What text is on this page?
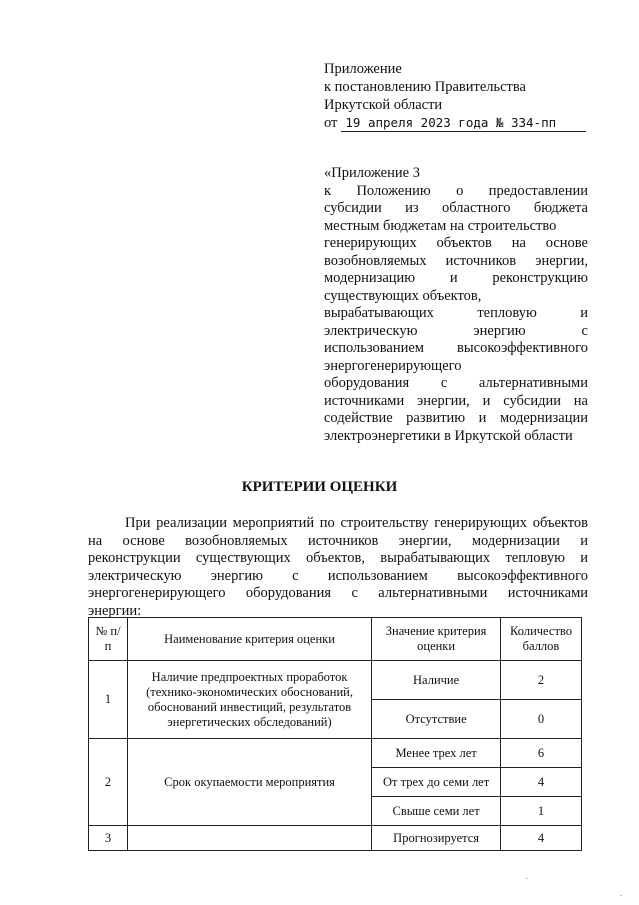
Приложение
к постановлению Правительства
Иркутской области
от 19 апреля 2023 года № 334-пп
«Приложение 3
к Положению о предоставлении
субсидии из областного бюджета
местным бюджетам на строительство
генерирующих объектов на основе
возобновляемых источников энергии,
модернизацию и реконструкцию
существующих объектов,
вырабатывающих тепловую и
электрическую энергию с
использованием высокоэффективного
энергогенерирующего
оборудования с альтернативными
источниками энергии, и субсидии на
содействие развитию и модернизации
электроэнергетики в Иркутской области
КРИТЕРИИ ОЦЕНКИ
При реализации мероприятий по строительству генерирующих объектов
на основе возобновляемых источников энергии, модернизации и
реконструкции существующих объектов, вырабатывающих тепловую и
электрическую энергию с использованием высокоэффективного
энергогенерирующего оборудования с альтернативными источниками
энергии:
№ п/п	Наименование критерия оценки	Значение критерия оценки	Количество баллов
1	Наличие предпроектных проработок (технико-экономических обоснований, обоснований инвестиций, результатов энергетических обследований)	Наличие	2
		Отсутствие	0
2	Срок окупаемости мероприятия	Менее трех лет	6
		От трех до семи лет	4
		Свыше семи лет	1
3		Прогнозируется	4
